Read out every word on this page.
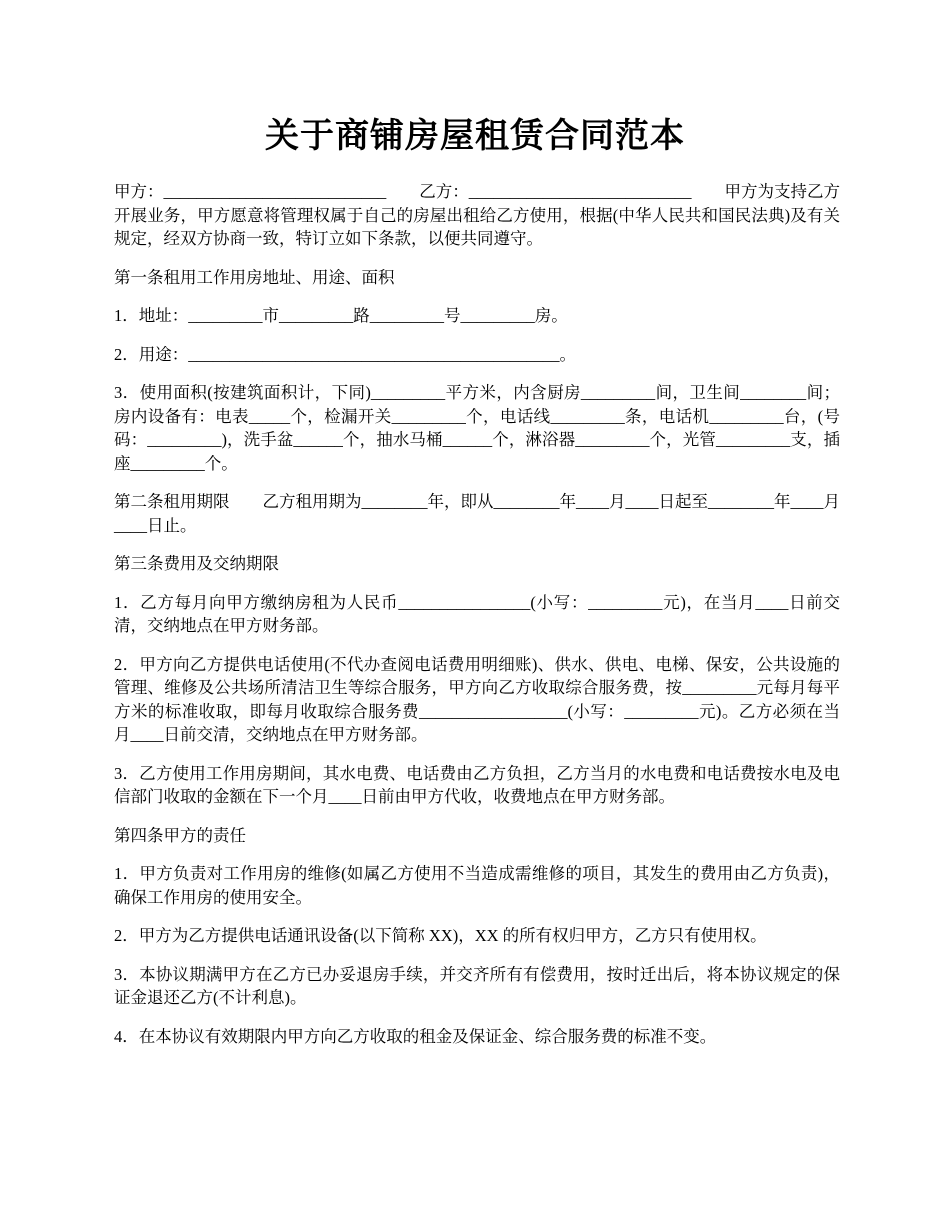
关于商铺房屋租赁合同范本

甲方：___________________________　　乙方：___________________________　　甲方为支持乙方开展业务，甲方愿意将管理权属于自己的房屋出租给乙方使用，根据(中华人民共和国民法典)及有关规定，经双方协商一致，特订立如下条款，以便共同遵守。

第一条租用工作用房地址、用途、面积

1．地址：_________市_________路_________号_________房。

2．用途：_____________________________________________。

3．使用面积(按建筑面积计，下同)_________平方米，内含厨房_________间，卫生间________间；房内设备有：电表_____个，检漏开关_________个，电话线_________条，电话机_________台，(号码：_________)，洗手盆______个，抽水马桶______个，淋浴器_________个，光管_________支，插座_________个。

第二条租用期限　　乙方租用期为________年，即从________年____月____日起至________年____月____日止。

第三条费用及交纳期限

1．乙方每月向甲方缴纳房租为人民币________________(小写：_________元)，在当月____日前交清，交纳地点在甲方财务部。

2．甲方向乙方提供电话使用(不代办查阅电话费用明细账)、供水、供电、电梯、保安，公共设施的管理、维修及公共场所清洁卫生等综合服务，甲方向乙方收取综合服务费，按_________元每月每平方米的标准收取，即每月收取综合服务费__________________(小写：_________元)。乙方必须在当月____日前交清，交纳地点在甲方财务部。

3．乙方使用工作用房期间，其水电费、电话费由乙方负担，乙方当月的水电费和电话费按水电及电信部门收取的金额在下一个月____日前由甲方代收，收费地点在甲方财务部。

第四条甲方的责任

1．甲方负责对工作用房的维修(如属乙方使用不当造成需维修的项目，其发生的费用由乙方负责)，确保工作用房的使用安全。

2．甲方为乙方提供电话通讯设备(以下简称 XX)，XX 的所有权归甲方，乙方只有使用权。

3．本协议期满甲方在乙方已办妥退房手续，并交齐所有有偿费用，按时迁出后，将本协议规定的保证金退还乙方(不计利息)。

4．在本协议有效期限内甲方向乙方收取的租金及保证金、综合服务费的标准不变。
